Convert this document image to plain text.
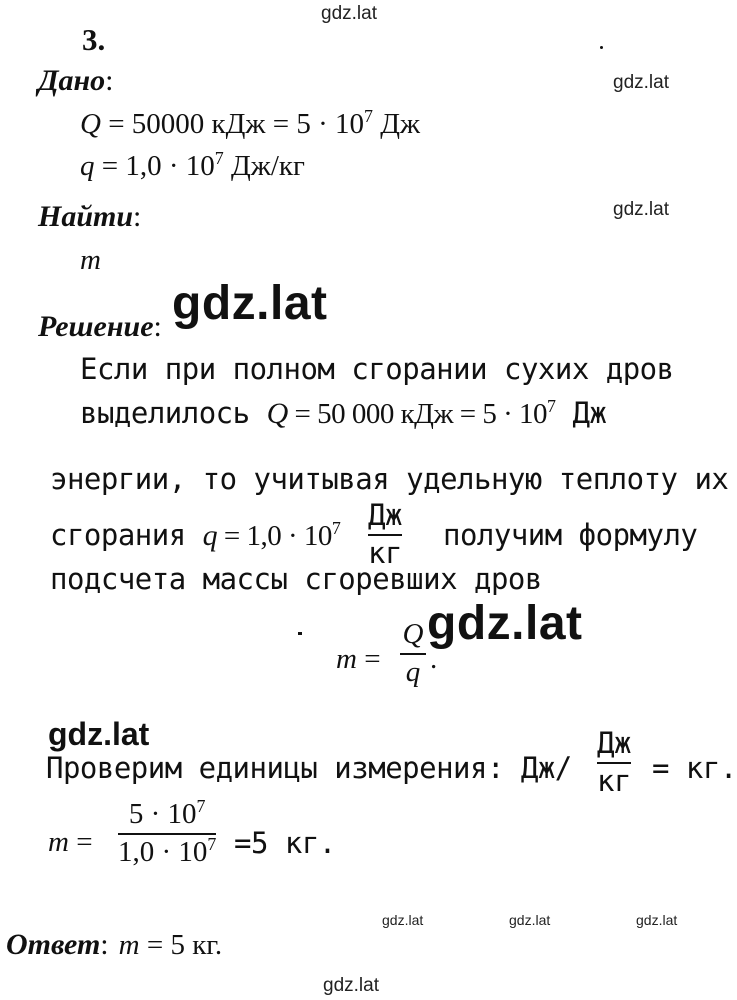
gdz.lat
gdz.lat
gdz.lat
gdz.lat
gdz.lat
gdz.lat
gdz.lat	gdz.lat	gdz.lat
gdz.lat
3.
Дано:
Q = 50000 кДж = $5 \cdot 10^7$ Дж
$q = 1,0 \cdot 10^7$ Дж/кг
Найти:
m
Решение:
Если при полном сгорании сухих дров
выделилось Q = 50 000 кДж = $5 \cdot 10^7$ Дж
энергии, то учитывая удельную теплоту их
сгорания $q = 1,0 \cdot 10^7$ Дж
кг
получим формулу
подсчета массы сгоревших дров
m =
Q
q .
Проверим единицы измерения: Дж/
Дж
кг = кг.
m =
$5 \cdot 10^7$
$1,0 \cdot 10^7 =5$ кг.
Ответ: m = 5 кг.
